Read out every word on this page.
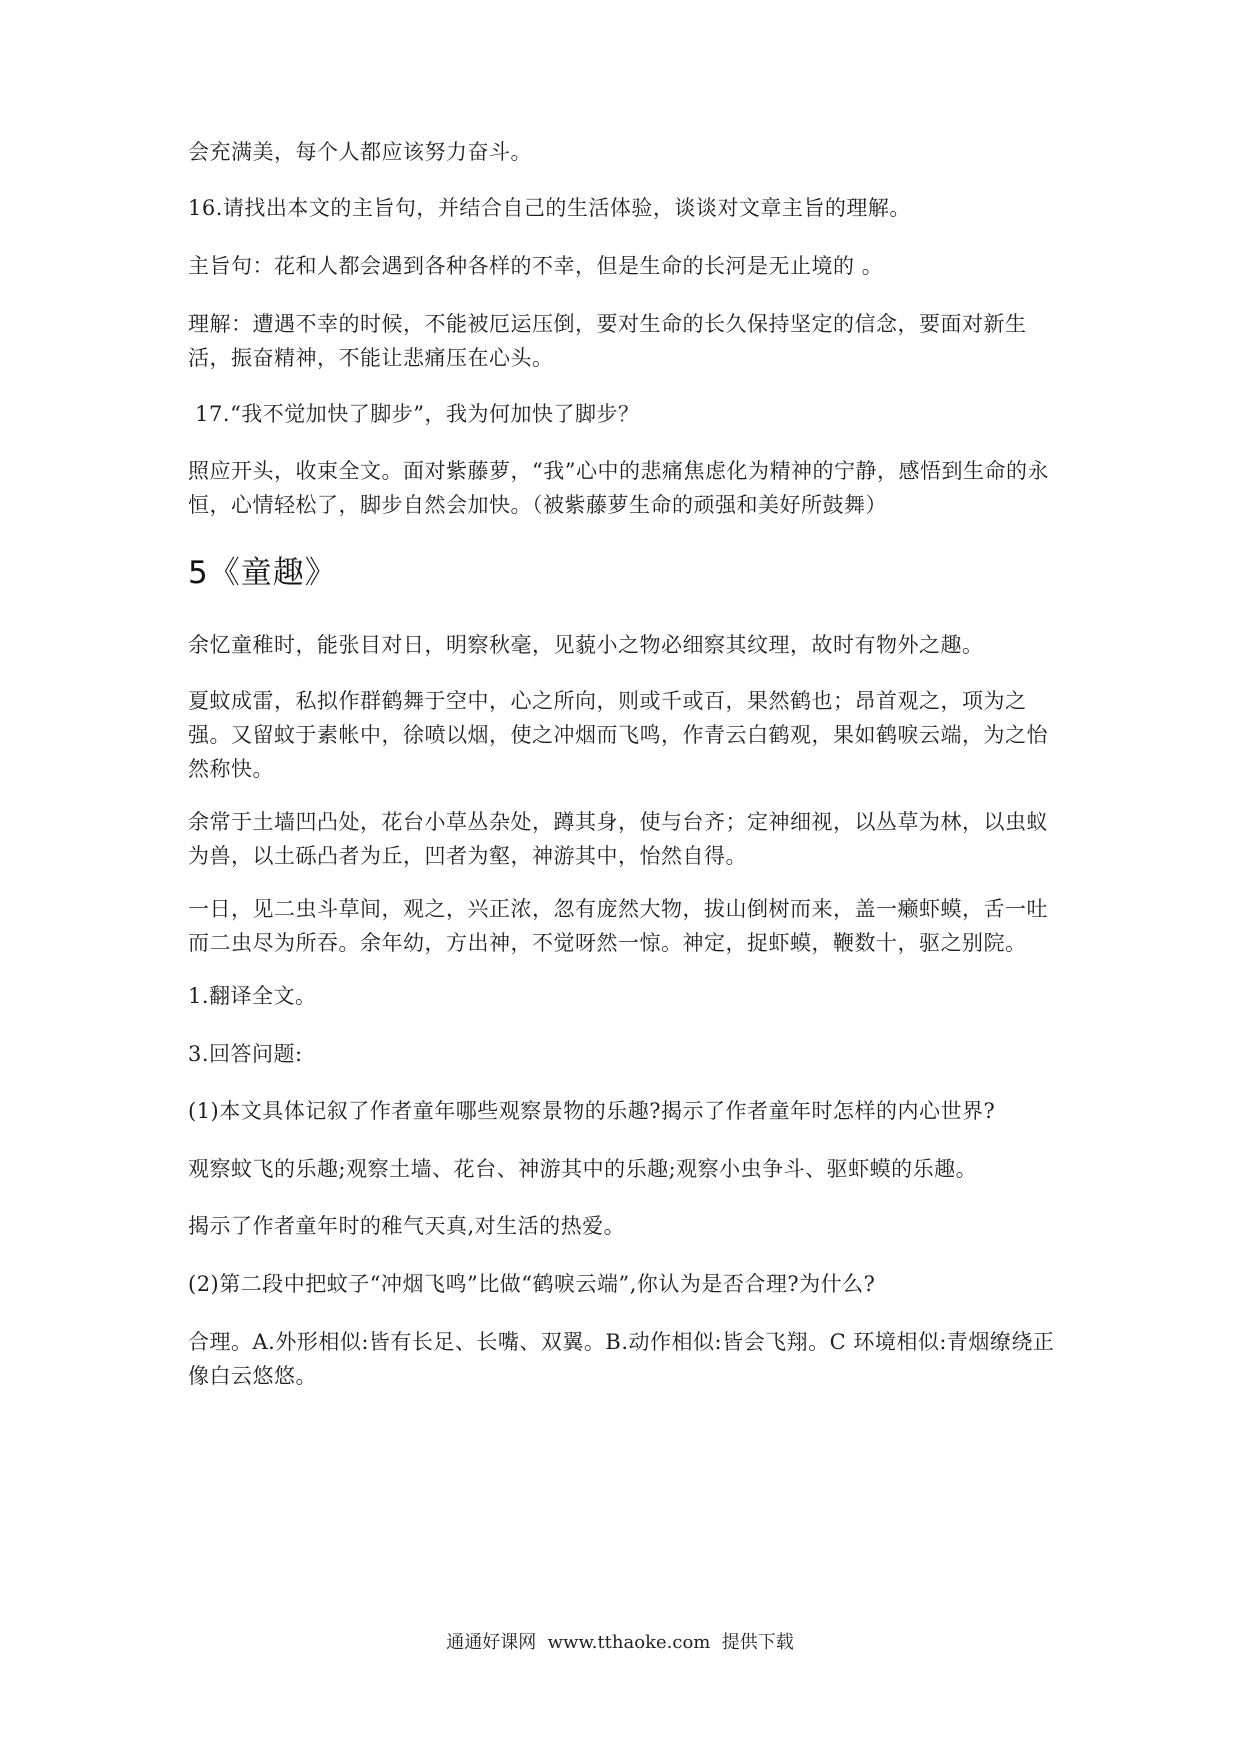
会充满美，每个人都应该努力奋斗。
16.请找出本文的主旨句，并结合自己的生活体验，谈谈对文章主旨的理解。
主旨句：花和人都会遇到各种各样的不幸，但是生命的长河是无止境的 。
理解：遭遇不幸的时候，不能被厄运压倒，要对生命的长久保持坚定的信念，要面对新生活，振奋精神，不能让悲痛压在心头。
17.“我不觉加快了脚步”，我为何加快了脚步？
照应开头，收束全文。面对紫藤萝，“我”心中的悲痛焦虑化为精神的宁静，感悟到生命的永恒，心情轻松了，脚步自然会加快。（被紫藤萝生命的顽强和美好所鼓舞）
5《童趣》
余忆童稚时，能张目对日，明察秋毫，见藐小之物必细察其纹理，故时有物外之趣。
夏蚊成雷，私拟作群鹤舞于空中，心之所向，则或千或百，果然鹤也；昂首观之，项为之强。又留蚊于素帐中，徐喷以烟，使之冲烟而飞鸣，作青云白鹤观，果如鹤唳云端，为之怡然称快。
余常于土墙凹凸处，花台小草丛杂处，蹲其身，使与台齐；定神细视，以丛草为林，以虫蚁为兽，以土砾凸者为丘，凹者为壑，神游其中，怡然自得。
一日，见二虫斗草间，观之，兴正浓，忽有庞然大物，拔山倒树而来，盖一癞虾蟆，舌一吐而二虫尽为所吞。余年幼，方出神，不觉呀然一惊。神定，捉虾蟆，鞭数十，驱之别院。
1.翻译全文。
3.回答问题:
(1)本文具体记叙了作者童年哪些观察景物的乐趣?揭示了作者童年时怎样的内心世界?
观察蚊飞的乐趣;观察土墙、花台、神游其中的乐趣;观察小虫争斗、驱虾蟆的乐趣。
揭示了作者童年时的稚气天真,对生活的热爱。
(2)第二段中把蚊子“冲烟飞鸣”比做“鹤唳云端”,你认为是否合理?为什么?
合理。A.外形相似:皆有长足、长嘴、双翼。B.动作相似:皆会飞翔。C 环境相似:青烟缭绕正像白云悠悠。
通通好课网  www.tthaoke.com  提供下载
